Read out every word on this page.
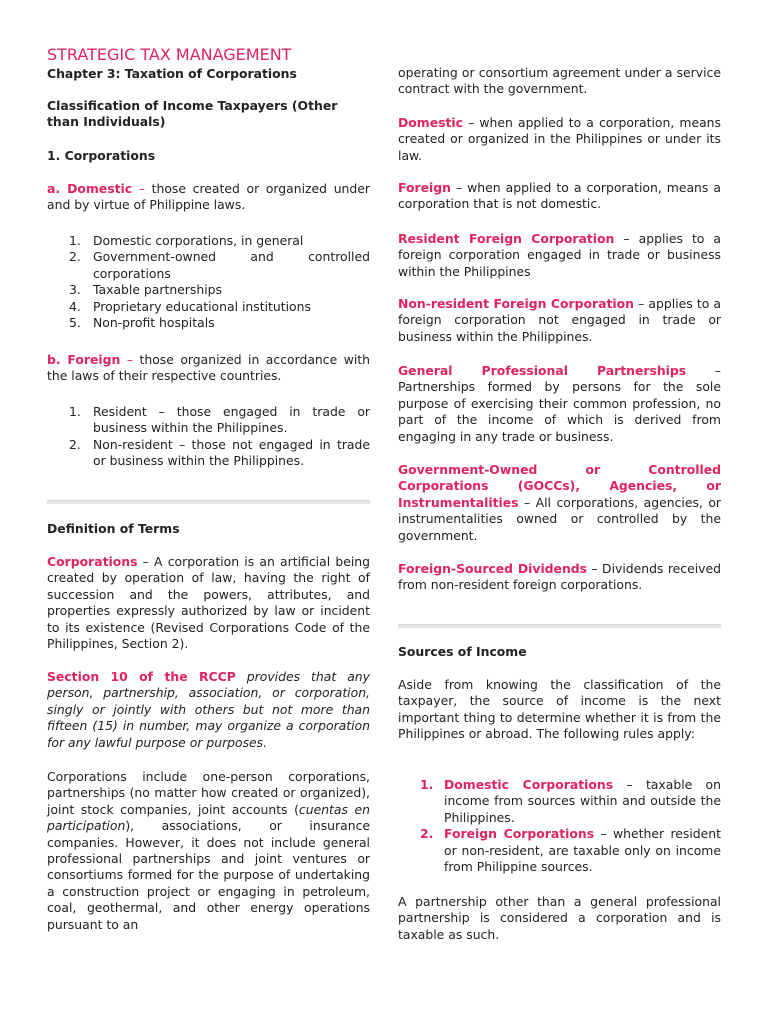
STRATEGIC TAX MANAGEMENT
Chapter 3: Taxation of Corporations
Classification of Income Taxpayers (Other than Individuals)
1. Corporations

a. Domestic – those created or organized under and by virtue of Philippine laws.

1. Domestic corporations, in general
2. Government-owned and controlled corporations
3. Taxable partnerships
4. Proprietary educational institutions
5. Non-profit hospitals

b. Foreign – those organized in accordance with the laws of their respective countries.

1. Resident – those engaged in trade or business within the Philippines.
2. Non-resident – those not engaged in trade or business within the Philippines.
Definition of Terms

Corporations – A corporation is an artificial being created by operation of law, having the right of succession and the powers, attributes, and properties expressly authorized by law or incident to its existence (Revised Corporations Code of the Philippines, Section 2).

Section 10 of the RCCP provides that any person, partnership, association, or corporation, singly or jointly with others but not more than fifteen (15) in number, may organize a corporation for any lawful purpose or purposes.

Corporations include one-person corporations, partnerships (no matter how created or organized), joint stock companies, joint accounts (cuentas en participation), associations, or insurance companies. However, it does not include general professional partnerships and joint ventures or consortiums formed for the purpose of undertaking a construction project or engaging in petroleum, coal, geothermal, and other energy operations pursuant to an

operating or consortium agreement under a service contract with the government.

Domestic – when applied to a corporation, means created or organized in the Philippines or under its law.

Foreign – when applied to a corporation, means a corporation that is not domestic.

Resident Foreign Corporation – applies to a foreign corporation engaged in trade or business within the Philippines

Non-resident Foreign Corporation – applies to a foreign corporation not engaged in trade or business within the Philippines.

General Professional Partnerships – Partnerships formed by persons for the sole purpose of exercising their common profession, no part of the income of which is derived from engaging in any trade or business.

Government-Owned or Controlled Corporations (GOCCs), Agencies, or Instrumentalities – All corporations, agencies, or instrumentalities owned or controlled by the government.

Foreign-Sourced Dividends – Dividends received from non-resident foreign corporations.

Sources of Income

Aside from knowing the classification of the taxpayer, the source of income is the next important thing to determine whether it is from the Philippines or abroad. The following rules apply:

1. Domestic Corporations – taxable on income from sources within and outside the Philippines.
2. Foreign Corporations – whether resident or non-resident, are taxable only on income from Philippine sources.

A partnership other than a general professional partnership is considered a corporation and is taxable as such.
